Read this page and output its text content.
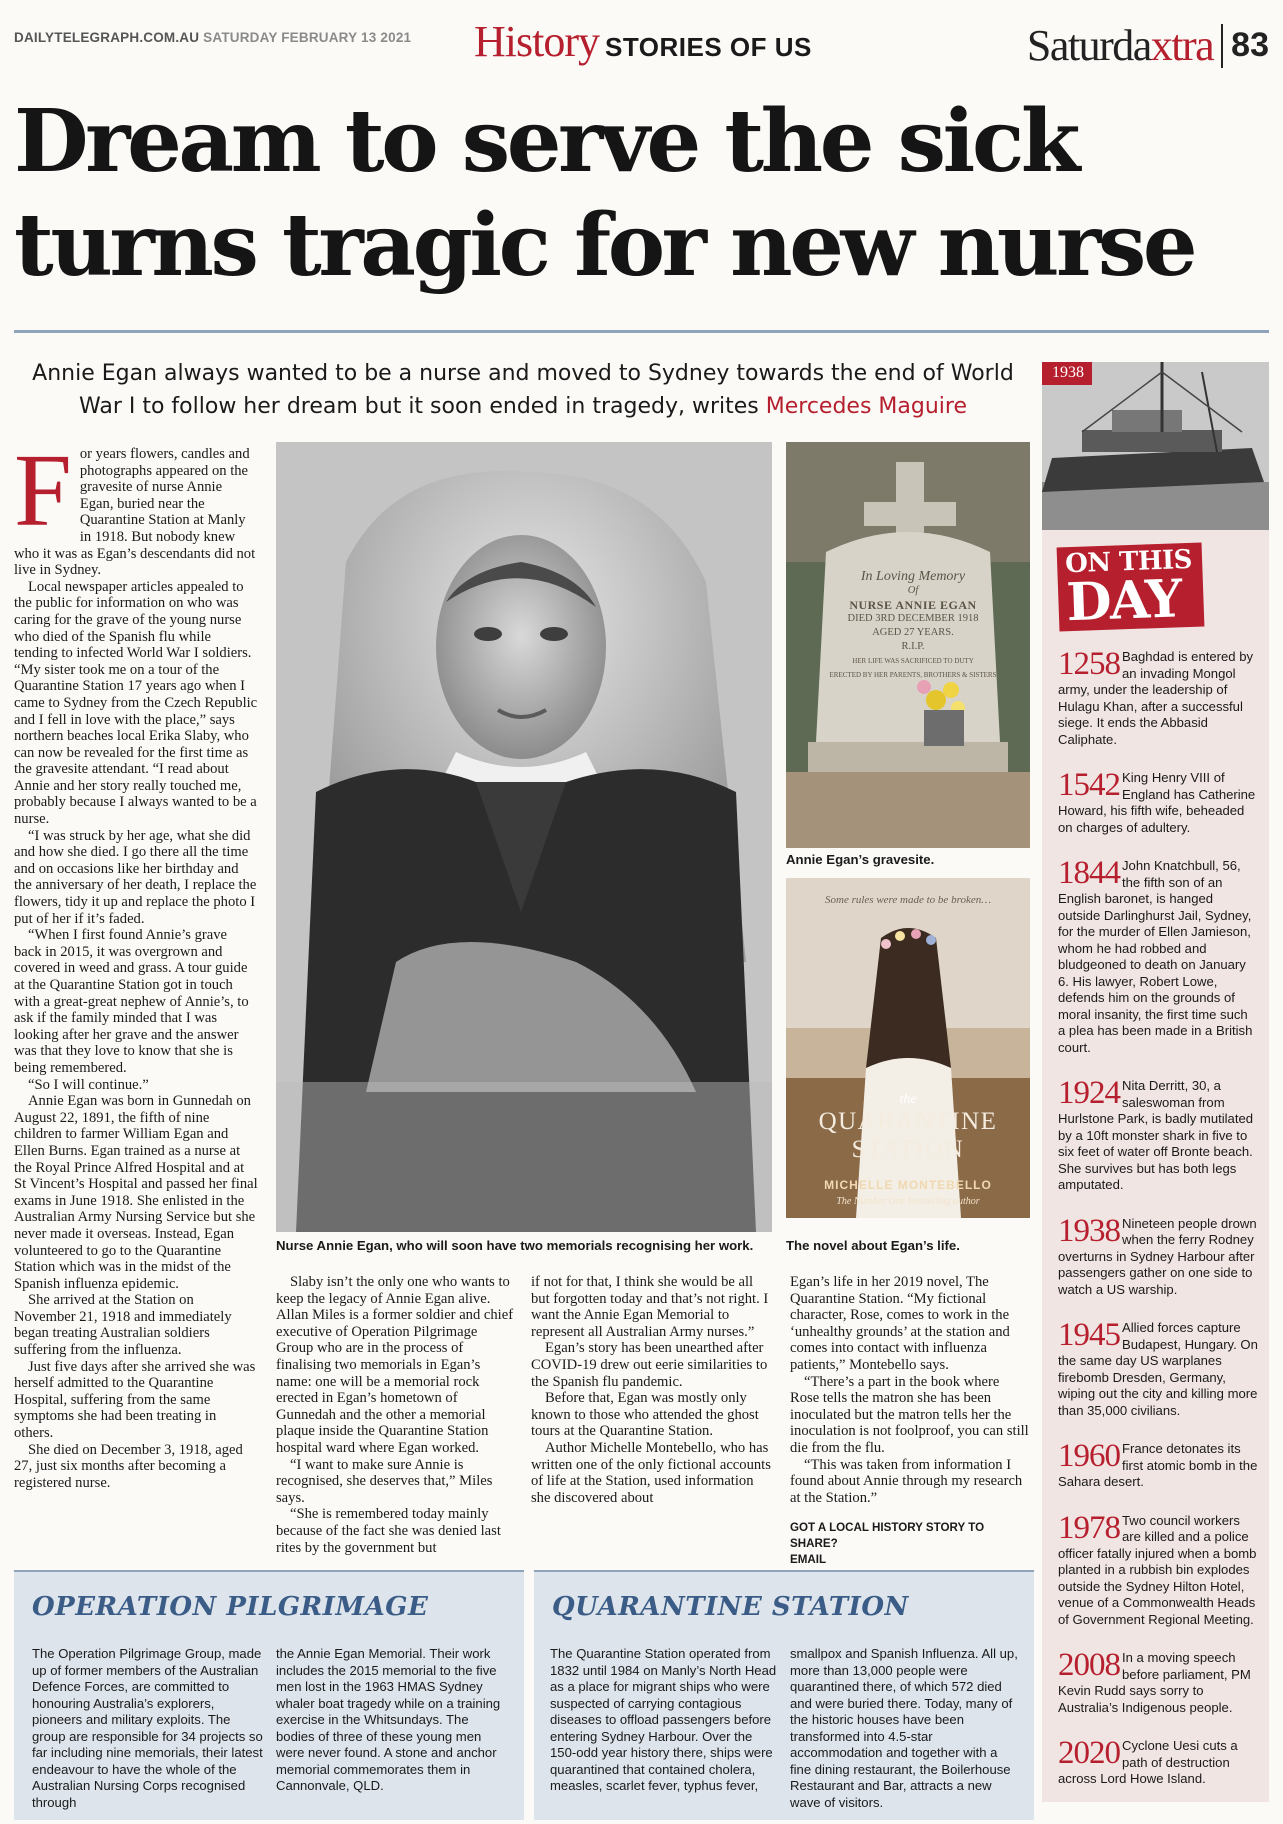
DAILYTELEGRAPH.COM.AU SATURDAY FEBRUARY 13 2021 History STORIES OF US	Saturdaxtra 83
Dream to serve the sick
turns tragic for new nurse
Annie Egan always wanted to be a nurse and moved to Sydney towards the end of World War I to follow her dream but it soon ended in tragedy, writes Mercedes Maguire
F or years flowers, candles and photographs appeared on the gravesite of nurse Annie Egan, buried near the Quarantine Station at Manly in 1918. But nobody knew who it was as Egan’s descendants did not live in Sydney.

Local newspaper articles appealed to the public for information on who was caring for the grave of the young nurse who died of the Spanish flu while tending to infected World War I soldiers. “My sister took me on a tour of the Quarantine Station 17 years ago when I came to Sydney from the Czech Republic and I fell in love with the place,” says northern beaches local Erika Slaby, who can now be revealed for the first time as the gravesite attendant. “I read about Annie and her story really touched me, probably because I always wanted to be a nurse.

“I was struck by her age, what she did and how she died. I go there all the time and on occasions like her birthday and the anniversary of her death, I replace the flowers, tidy it up and replace the photo I put of her if it’s faded.

“When I first found Annie’s grave back in 2015, it was overgrown and covered in weed and grass. A tour guide at the Quarantine Station got in touch with a great-great nephew of Annie’s, to ask if the family minded that I was looking after her grave and the answer was that they love to know that she is being remembered.

“So I will continue.”

Annie Egan was born in Gunnedah on August 22, 1891, the fifth of nine children to farmer William Egan and Ellen Burns. Egan trained as a nurse at the Royal Prince Alfred Hospital and at St Vincent’s Hospital and passed her final exams in June 1918. She enlisted in the Australian Army Nursing Service but she never made it overseas. Instead, Egan volunteered to go to the Quarantine Station which was in the midst of the Spanish influenza epidemic.

She arrived at the Station on November 21, 1918 and immediately began treating Australian soldiers suffering from the influenza.

Just five days after she arrived she was herself admitted to the Quarantine Hospital, suffering from the same symptoms she had been treating in others.

She died on December 3, 1918, aged 27, just six months after becoming a registered nurse.

Nurse Annie Egan, who will soon have two memorials recognising her work.
In Loving Memory
Of
NURSE ANNIE EGAN
DIED 3RD DECEMBER 1918
AGED 27 YEARS.
R.I.P.
HER LIFE WAS SACRIFICED TO DUTY
ERECTED BY HER PARENTS, BROTHERS & SISTERS
Annie Egan’s gravesite.
Some rules were made to be broken…
the
QUARANTINE
STATION
MICHELLE MONTEBELLO
The Number One bestselling author
The novel about Egan’s life.

Slaby isn’t the only one who wants to keep the legacy of Annie Egan alive. Allan Miles is a former soldier and chief executive of Operation Pilgrimage Group who are in the process of finalising two memorials in Egan’s name: one will be a memorial rock erected in Egan’s hometown of Gunnedah and the other a memorial plaque inside the Quarantine Station hospital ward where Egan worked.

“I want to make sure Annie is recognised, she deserves that,” Miles says.

“She is remembered today mainly because of the fact she was denied last rites by the government but

if not for that, I think she would be all but forgotten today and that’s not right. I want the Annie Egan Memorial to represent all Australian Army nurses.”

Egan’s story has been unearthed after COVID-19 drew out eerie similarities to the Spanish flu pandemic.

Before that, Egan was mostly only known to those who attended the ghost tours at the Quarantine Station.

Author Michelle Montebello, who has written one of the only fictional accounts of life at the Station, used information she discovered about

Egan’s life in her 2019 novel, The Quarantine Station. “My fictional character, Rose, comes to work in the ‘unhealthy grounds’ at the station and comes into contact with influenza patients,” Montebello says.

“There’s a part in the book where Rose tells the matron she has been inoculated but the matron tells her the inoculation is not foolproof, you can still die from the flu.

“This was taken from information I found about Annie through my research at the Station.”

GOT A LOCAL HISTORY STORY TO SHARE?
EMAIL
1938
ON THIS
DAY
1258 Baghdad is entered by an invading Mongol army, under the leadership of Hulagu Khan, after a successful siege. It ends the Abbasid Caliphate.
1542 King Henry VIII of England has Catherine Howard, his fifth wife, beheaded on charges of adultery.
1844 John Knatchbull, 56, the fifth son of an English baronet, is hanged outside Darlinghurst Jail, Sydney, for the murder of Ellen Jamieson, whom he had robbed and bludgeoned to death on January 6. His lawyer, Robert Lowe, defends him on the grounds of moral insanity, the first time such a plea has been made in a British court.
1924 Nita Derritt, 30, a saleswoman from Hurlstone Park, is badly mutilated by a 10ft monster shark in five to six feet of water off Bronte beach. She survives but has both legs amputated.
1938 Nineteen people drown when the ferry Rodney overturns in Sydney Harbour after passengers gather on one side to watch a US warship.
1945 Allied forces capture Budapest, Hungary. On the same day US warplanes firebomb Dresden, Germany, wiping out the city and killing more than 35,000 civilians.
1960 France detonates its first atomic bomb in the Sahara desert.
1978 Two council workers are killed and a police officer fatally injured when a bomb planted in a rubbish bin explodes outside the Sydney Hilton Hotel, venue of a Commonwealth Heads of Government Regional Meeting.
2008 In a moving speech before parliament, PM Kevin Rudd says sorry to Australia’s Indigenous people.
2020 Cyclone Uesi cuts a path of destruction across Lord Howe Island.
OPERATION PILGRIMAGE
The Operation Pilgrimage Group, made up of former members of the Australian Defence Forces, are committed to honouring Australia’s explorers, pioneers and military exploits. The group are responsible for 34 projects so far including nine memorials, their latest endeavour to have the whole of the Australian Nursing Corps recognised through
the Annie Egan Memorial. Their work includes the 2015 memorial to the five men lost in the 1963 HMAS Sydney whaler boat tragedy while on a training exercise in the Whitsundays. The bodies of three of these young men were never found. A stone and anchor memorial commemorates them in Cannonvale, QLD.
QUARANTINE STATION
The Quarantine Station operated from 1832 until 1984 on Manly’s North Head as a place for migrant ships who were suspected of carrying contagious diseases to offload passengers before entering Sydney Harbour. Over the 150-odd year history there, ships were quarantined that contained cholera, measles, scarlet fever, typhus fever,
smallpox and Spanish Influenza. All up, more than 13,000 people were quarantined there, of which 572 died and were buried there. Today, many of the historic houses have been transformed into 4.5-star accommodation and together with a fine dining restaurant, the Boilerhouse Restaurant and Bar, attracts a new wave of visitors.
